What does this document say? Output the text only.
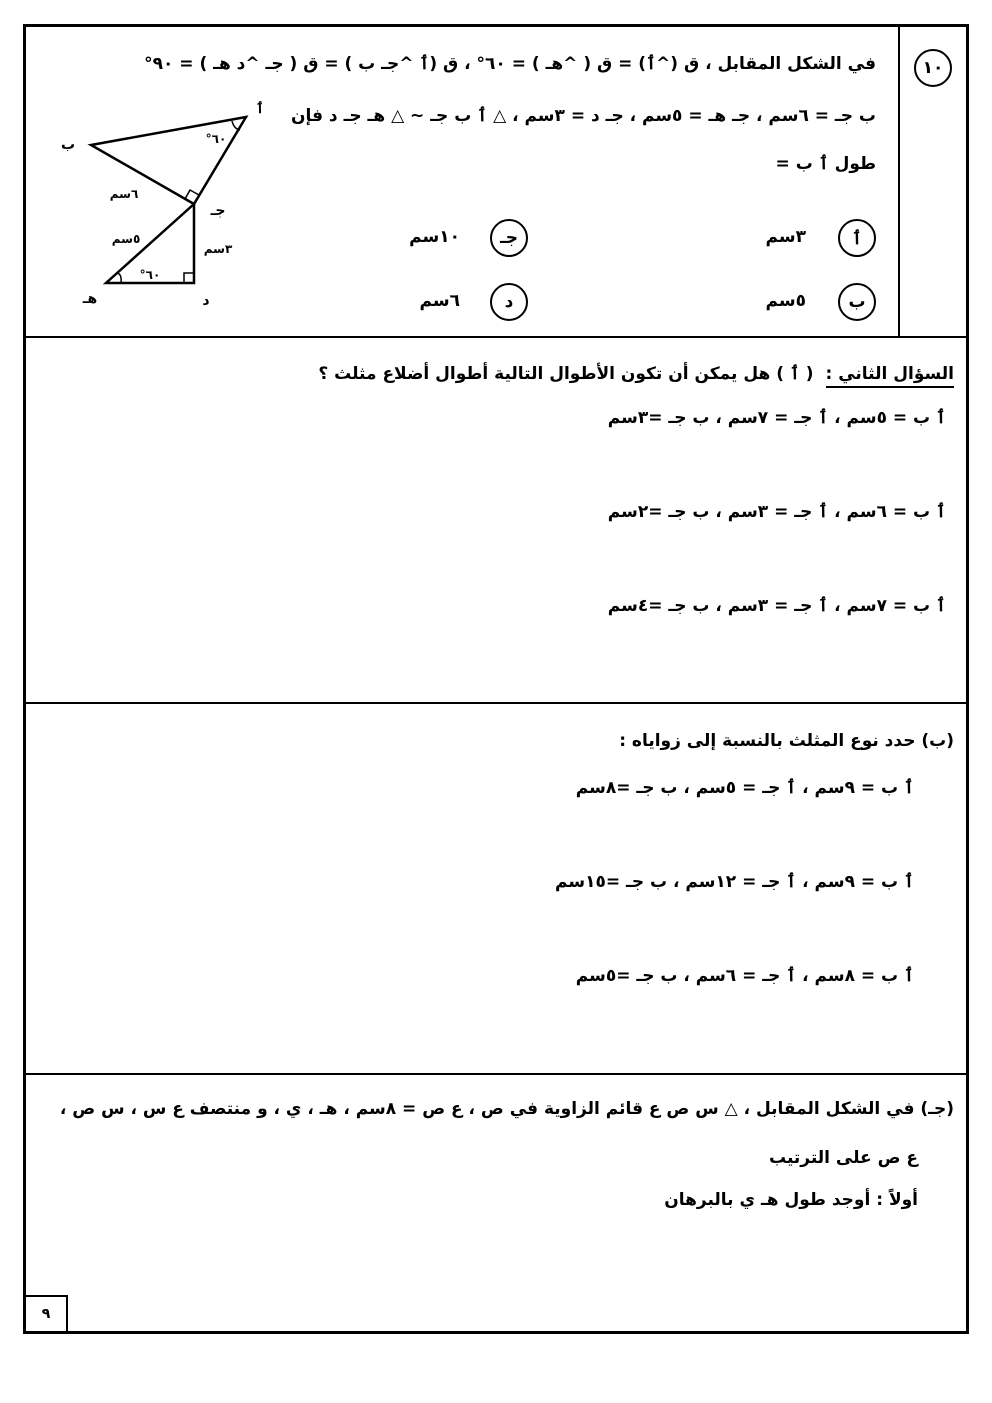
١٠
في الشكل المقابل ، ق (^ٲ) = ق ( ^هـ ) = ٦٠° ، ق (ٲ ^جـ ب ) = ق ( جـ ^د هـ ) = ٩٠°
ب جـ = ٦سم ، جـ هـ = ٥سم ، جـ د = ٣سم ، △ ٲ ب جـ ~ △ هـ جـ د فإن
طول ٲ ب =
ٲ
٣سم
جـ
١٠سم
ب
٥سم
د
٦سم
ٲ
ب
جـ
د
هـ
٦سم
٥سم
٣سم
٦٠°
٦٠°
السؤال الثاني : ( ٲ ) هل يمكن أن تكون الأطوال التالية أطوال أضلاع مثلث ؟
ٲ ب = ٥سم ، ٲ جـ = ٧سم ، ب جـ =٣سم
ٲ ب = ٦سم ، ٲ جـ = ٣سم ، ب جـ =٢سم
ٲ ب = ٧سم ، ٲ جـ = ٣سم ، ب جـ =٤سم
(ب) حدد نوع المثلث بالنسبة إلى زواياه :
ٲ ب = ٩سم ، ٲ جـ = ٥سم ، ب جـ =٨سم
ٲ ب = ٩سم ، ٲ جـ = ١٢سم ، ب جـ =١٥سم
ٲ ب = ٨سم ، ٲ جـ = ٦سم ، ب جـ =٥سم
(جـ) في الشكل المقابل ، △ س ص ع قائم الزاوية في ص ، ع ص = ٨سم ، هـ ، ي ، و منتصف ع س ، س ص ،
ع ص على الترتيب
أولاً : أوجد طول هـ ي بالبرهان
٩
